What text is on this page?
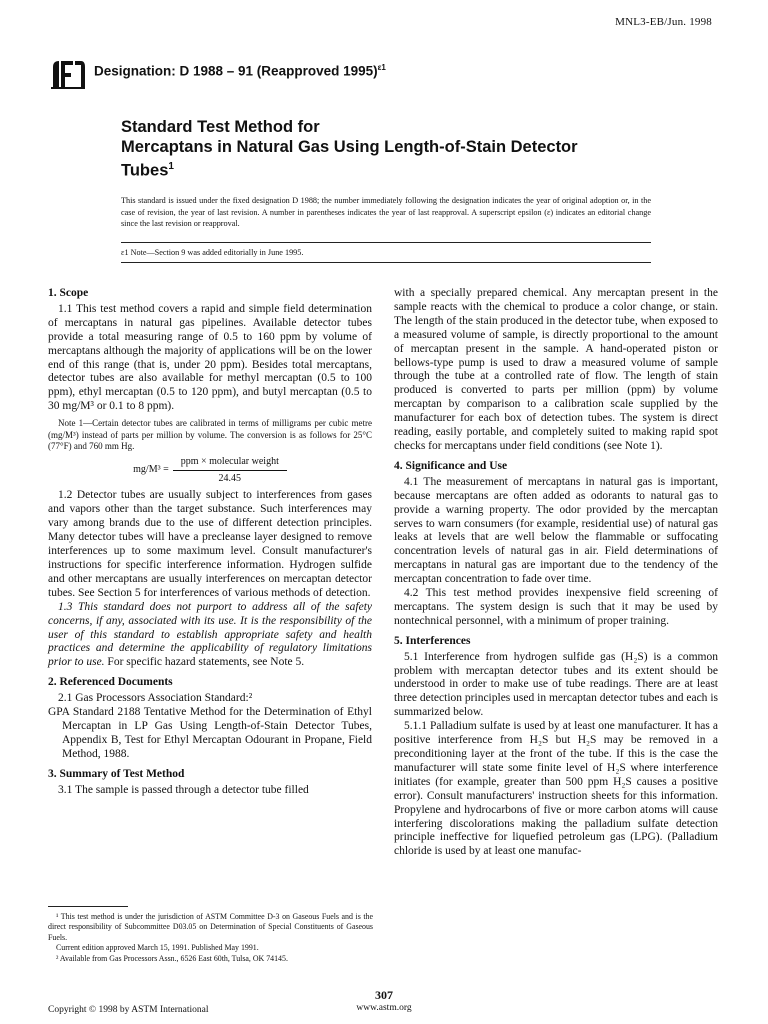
MNL3-EB/Jun. 1998
Designation: D 1988 – 91 (Reapproved 1995)$^{\varepsilon 1}$
Standard Test Method for
Mercaptans in Natural Gas Using Length-of-Stain Detector
Tubes$^1$
This standard is issued under the fixed designation D 1988; the number immediately following the designation indicates the year of original adoption or, in the case of revision, the year of last revision. A number in parentheses indicates the year of last reapproval. A superscript epsilon (ε) indicates an editorial change since the last revision or reapproval.
ε1 Note—Section 9 was added editorially in June 1995.

1. Scope

1.1 This test method covers a rapid and simple field determination of mercaptans in natural gas pipelines. Available detector tubes provide a total measuring range of 0.5 to 160 ppm by volume of mercaptans although the majority of applications will be on the lower end of this range (that is, under 20 ppm). Besides total mercaptans, detector tubes are also available for methyl mercaptan (0.5 to 100 ppm), ethyl mercaptan (0.5 to 120 ppm), and butyl mercaptan (0.5 to 30 mg/M³ or 0.1 to 8 ppm).

Note 1—Certain detector tubes are calibrated in terms of milligrams per cubic metre (mg/M³) instead of parts per million by volume. The conversion is as follows for 25°C (77°F) and 760 mm Hg.

$mg/M^3 = \frac{\text{ppm × molecular weight}}{24.45}$

1.2 Detector tubes are usually subject to interferences from gases and vapors other than the target substance. Such interferences may vary among brands due to the use of different detection principles. Many detector tubes will have a precleanse layer designed to remove interferences up to some maximum level. Consult manufacturer's instructions for specific interference information. Hydrogen sulfide and other mercaptans are usually interferences on mercaptan detector tubes. See Section 5 for interferences of various methods of detection.

1.3 This standard does not purport to address all of the safety concerns, if any, associated with its use. It is the responsibility of the user of this standard to establish appropriate safety and health practices and determine the applicability of regulatory limitations prior to use. For specific hazard statements, see Note 5.

2. Referenced Documents

2.1 Gas Processors Association Standard:²

GPA Standard 2188 Tentative Method for the Determination of Ethyl Mercaptan in LP Gas Using Length-of-Stain Detector Tubes, Appendix B, Test for Ethyl Mercaptan Odourant in Propane, Field Method, 1988.

3. Summary of Test Method

3.1 The sample is passed through a detector tube filled

with a specially prepared chemical. Any mercaptan present in the sample reacts with the chemical to produce a color change, or stain. The length of the stain produced in the detector tube, when exposed to a measured volume of sample, is directly proportional to the amount of mercaptan present in the sample. A hand-operated piston or bellows-type pump is used to draw a measured volume of sample through the tube at a controlled rate of flow. The length of stain produced is converted to parts per million (ppm) by volume mercaptan by comparison to a calibration scale supplied by the manufacturer for each box of detection tubes. The system is direct reading, easily portable, and completely suited to making rapid spot checks for mercaptans under field conditions (see Note 1).

4. Significance and Use

4.1 The measurement of mercaptans in natural gas is important, because mercaptans are often added as odorants to natural gas to provide a warning property. The odor provided by the mercaptan serves to warn consumers (for example, residential use) of natural gas leaks at levels that are well below the flammable or suffocating concentration levels of natural gas in air. Field determinations of mercaptans in natural gas are important due to the tendency of the mercaptan concentration to fade over time.

4.2 This test method provides inexpensive field screening of mercaptans. The system design is such that it may be used by nontechnical personnel, with a minimum of proper training.

5. Interferences

5.1 Interference from hydrogen sulfide gas (H₂S) is a common problem with mercaptan detector tubes and its extent should be understood in order to make use of tube readings. There are at least three detection principles used in mercaptan detector tubes and each is summarized below.

5.1.1 Palladium sulfate is used by at least one manufacturer. It has a positive interference from H₂S but H₂S may be removed in a preconditioning layer at the front of the tube. If this is the case the manufacturer will state some finite level of H₂S where interference initiates (for example, greater than 500 ppm H₂S causes a positive error). Consult manufacturers' instruction sheets for this information. Propylene and hydrocarbons of five or more carbon atoms will cause interfering discolorations making the palladium sulfate detection principle ineffective for liquefied petroleum gas (LPG). (Palladium chloride is used by at least one manufac-

¹ This test method is under the jurisdiction of ASTM Committee D-3 on Gaseous Fuels and is the direct responsibility of Subcommittee D03.05 on Determination of Special Constituents of Gaseous Fuels.

Current edition approved March 15, 1991. Published May 1991.

² Available from Gas Processors Assn., 6526 East 60th, Tulsa, OK 74145.

307
Copyright © 1998 by ASTM International	www.astm.org
